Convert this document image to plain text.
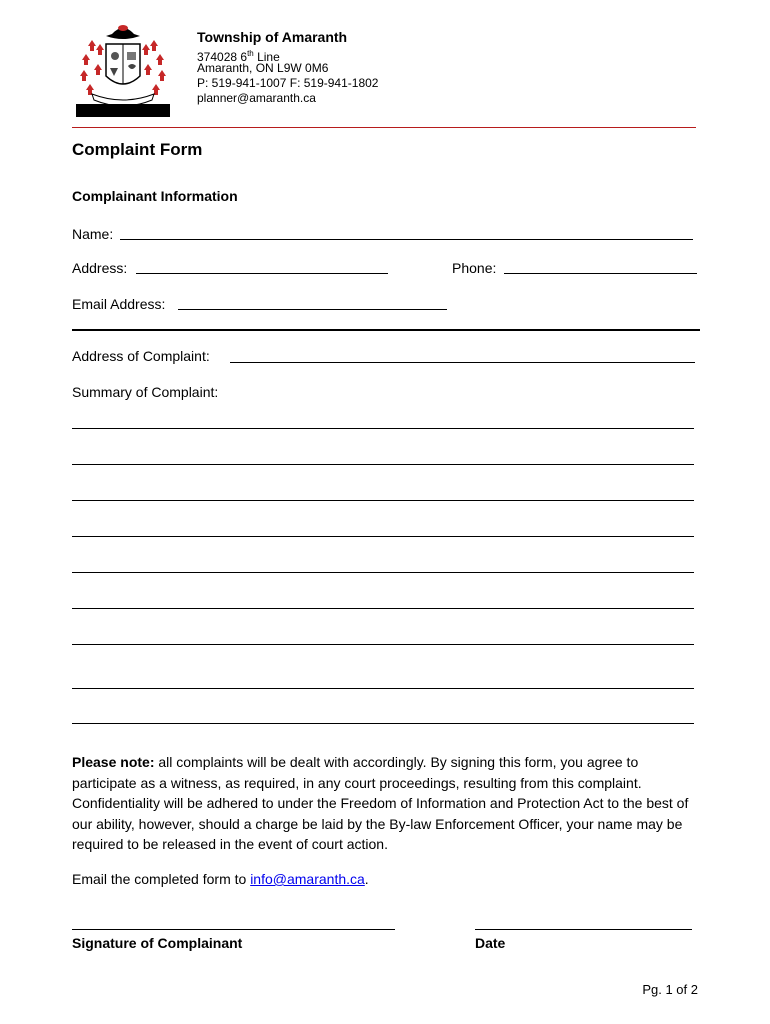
Township of Amaranth
374028 6th Line
Amaranth, ON L9W 0M6
P: 519-941-1007 F: 519-941-1802
planner@amaranth.ca
Complaint Form
Complainant Information
Name:
Address:	Phone:
Email Address:
Address of Complaint:
Summary of Complaint:
Please note: all complaints will be dealt with accordingly. By signing this form, you agree to participate as a witness, as required, in any court proceedings, resulting from this complaint. Confidentiality will be adhered to under the Freedom of Information and Protection Act to the best of our ability, however, should a charge be laid by the By-law Enforcement Officer, your name may be required to be released in the event of court action.
Email the completed form to info@amaranth.ca.
Signature of Complainant	Date
Pg. 1 of 2
